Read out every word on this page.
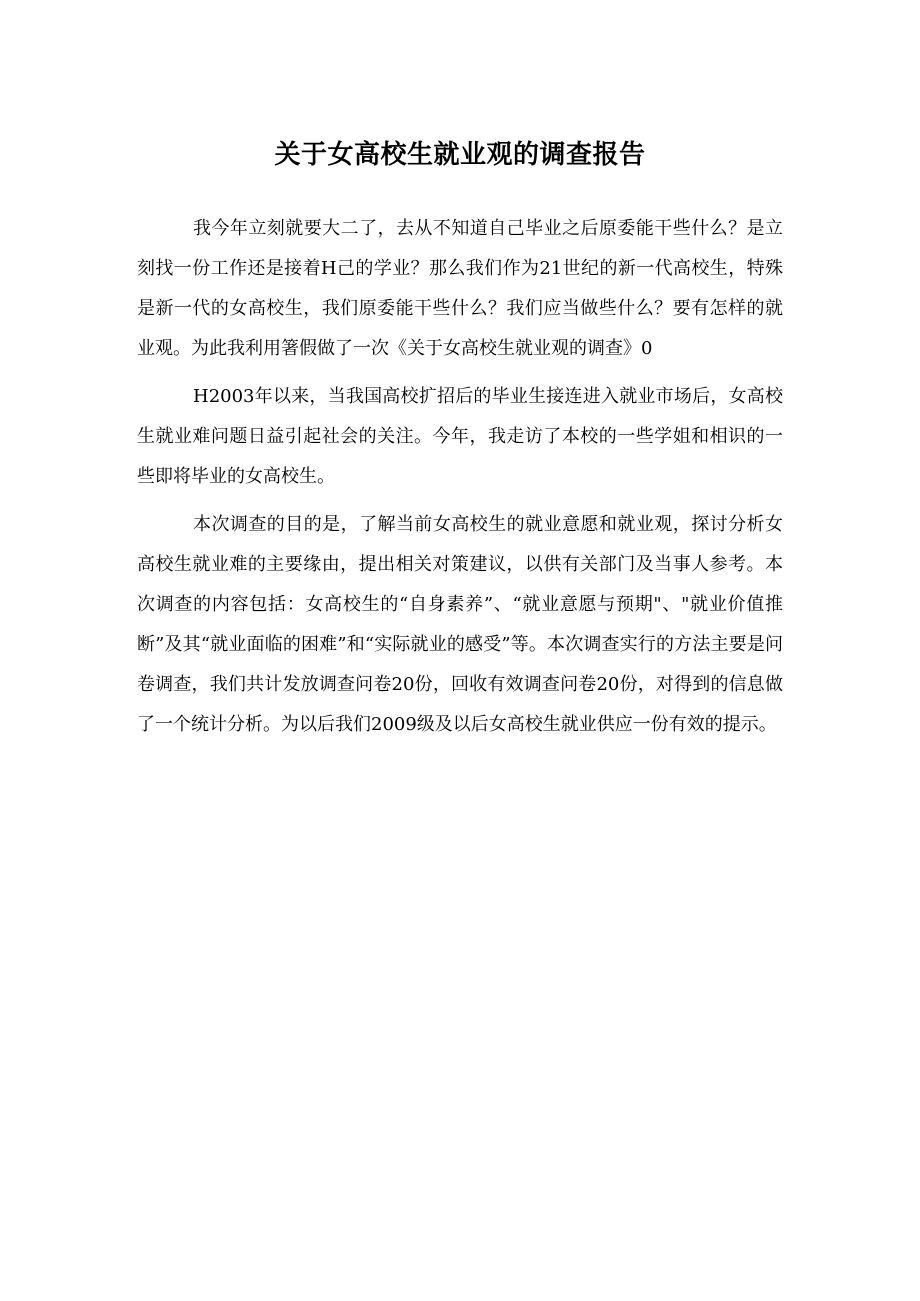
关于女高校生就业观的调查报告

我今年立刻就要大二了，去从不知道自己毕业之后原委能干些什么？是立刻找一份工作还是接着H己的学业？那么我们作为21世纪的新一代高校生，特殊是新一代的女高校生，我们原委能干些什么？我们应当做些什么？要有怎样的就业观。为此我利用箸假做了一次《关于女高校生就业观的调查》0

H2003年以来，当我国高校扩招后的毕业生接连进入就业市场后，女高校生就业难问题日益引起社会的关注。今年，我走访了本校的一些学姐和相识的一些即将毕业的女高校生。

本次调查的目的是，了解当前女高校生的就业意愿和就业观，探讨分析女高校生就业难的主要缘由，提出相关对策建议，以供有关部门及当事人参考。本次调查的内容包括：女高校生的“自身素养”、“就业意愿与预期"、"就业价值推断”及其“就业面临的困难”和“实际就业的感受”等。本次调查实行的方法主要是问卷调查，我们共计发放调查问卷20份，回收有效调查问卷20份，对得到的信息做了一个统计分析。为以后我们2009级及以后女高校生就业供应一份有效的提示。
